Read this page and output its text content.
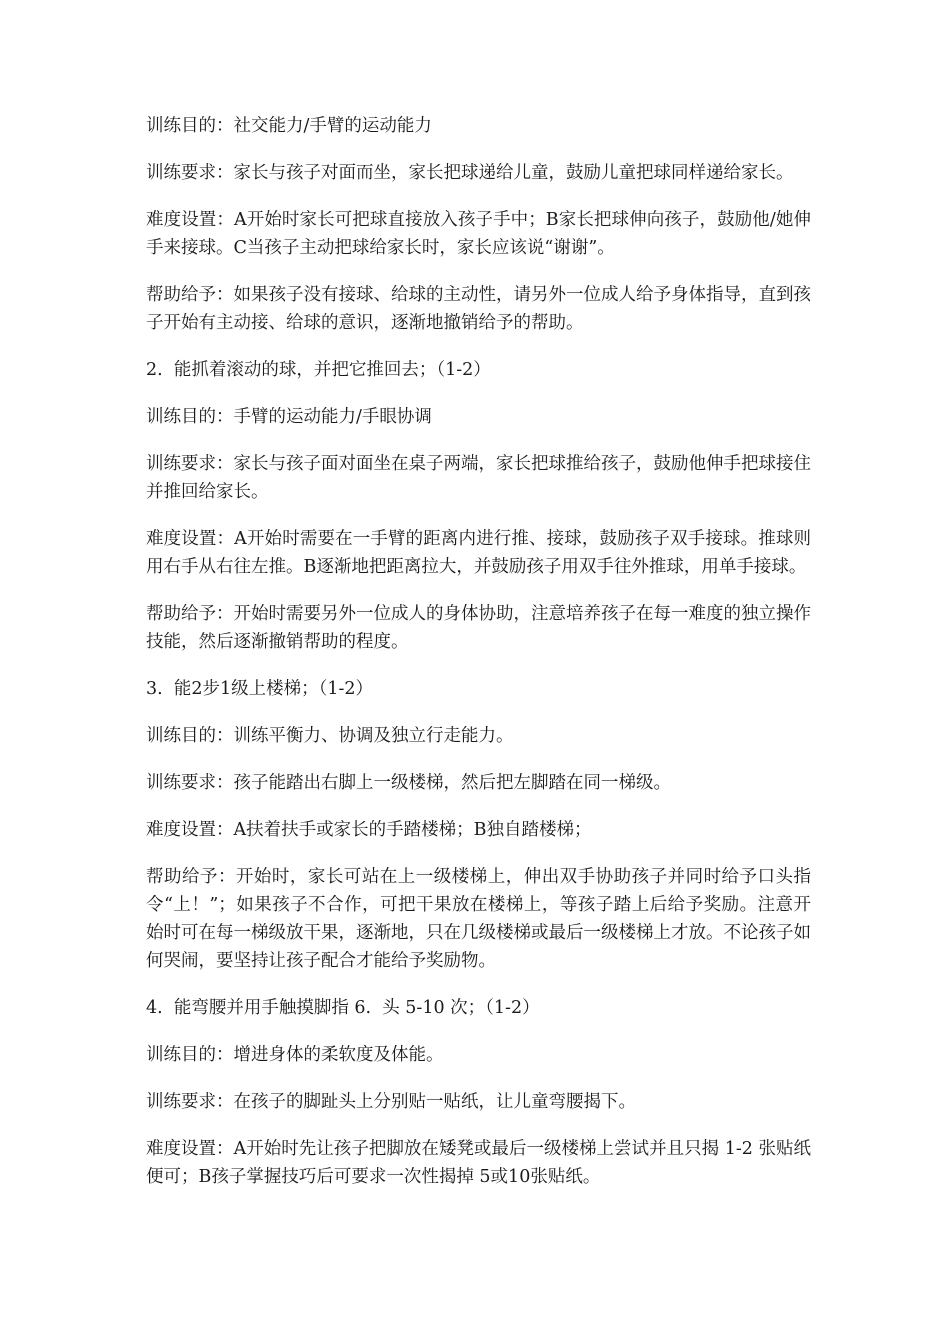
训练目的：社交能力/手臂的运动能力

训练要求：家长与孩子对面而坐，家长把球递给儿童，鼓励儿童把球同样递给家长。

难度设置：A开始时家长可把球直接放入孩子手中；B家长把球伸向孩子，鼓励他/她伸手来接球。C当孩子主动把球给家长时，家长应该说“谢谢”。

帮助给予：如果孩子没有接球、给球的主动性，请另外一位成人给予身体指导，直到孩子开始有主动接、给球的意识，逐渐地撤销给予的帮助。

2.  能抓着滚动的球，并把它推回去；（1-2）

训练目的：手臂的运动能力/手眼协调

训练要求：家长与孩子面对面坐在桌子两端，家长把球推给孩子，鼓励他伸手把球接住并推回给家长。

难度设置：A开始时需要在一手臂的距离内进行推、接球，鼓励孩子双手接球。推球则用右手从右往左推。B逐渐地把距离拉大，并鼓励孩子用双手往外推球，用单手接球。

帮助给予：开始时需要另外一位成人的身体协助，注意培养孩子在每一难度的独立操作技能，然后逐渐撤销帮助的程度。

3.  能2步1级上楼梯；（1-2）

训练目的：训练平衡力、协调及独立行走能力。

训练要求：孩子能踏出右脚上一级楼梯，然后把左脚踏在同一梯级。

难度设置：A扶着扶手或家长的手踏楼梯；B独自踏楼梯；

帮助给予：开始时，家长可站在上一级楼梯上，伸出双手协助孩子并同时给予口头指令“上！”；如果孩子不合作，可把干果放在楼梯上，等孩子踏上后给予奖励。注意开始时可在每一梯级放干果，逐渐地，只在几级楼梯或最后一级楼梯上才放。不论孩子如何哭闹，要坚持让孩子配合才能给予奖励物。

4.  能弯腰并用手触摸脚指 6.  头 5-10 次；（1-2）

训练目的：增进身体的柔软度及体能。

训练要求：在孩子的脚趾头上分别贴一贴纸，让儿童弯腰揭下。

难度设置：A开始时先让孩子把脚放在矮凳或最后一级楼梯上尝试并且只揭 1-2 张贴纸便可；B孩子掌握技巧后可要求一次性揭掉 5或10张贴纸。
